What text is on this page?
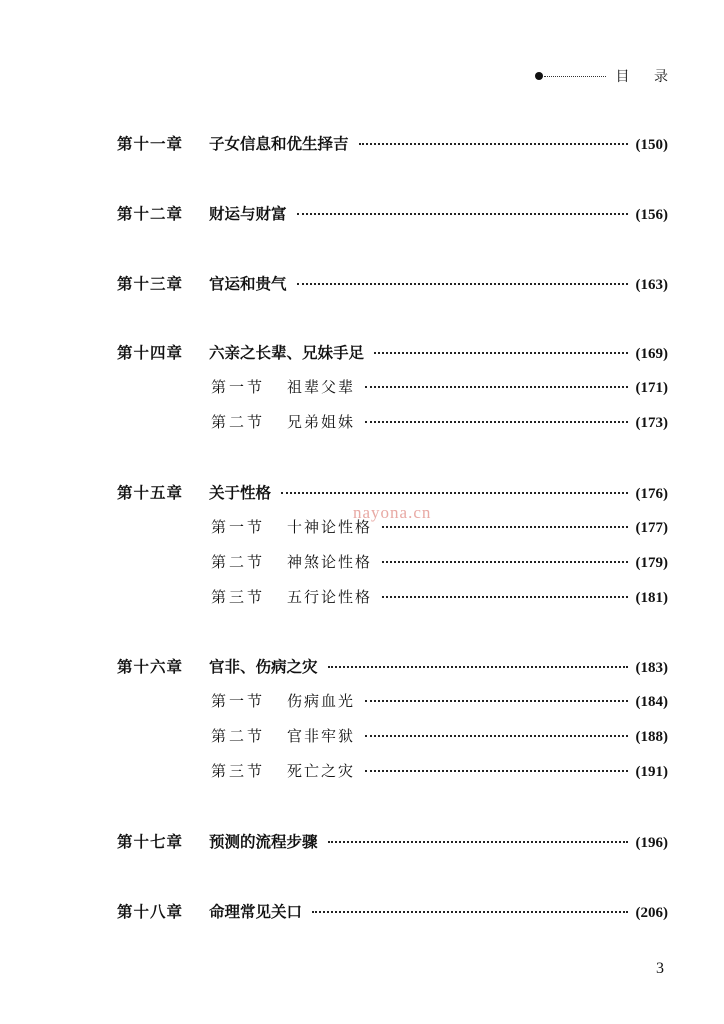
目 录
第十一章	子女信息和优生择吉	(150)
第十二章	财运与财富	(156)
第十三章	官运和贵气	(163)
第十四章	六亲之长辈、兄妹手足	(169)
第一节	祖辈父辈	(171)
第二节	兄弟姐妹	(173)
第十五章	关于性格	(176)
第一节	十神论性格	(177)
第二节	神煞论性格	(179)
第三节	五行论性格	(181)
第十六章	官非、伤病之灾	(183)
第一节	伤病血光	(184)
第二节	官非牢狱	(188)
第三节	死亡之灾	(191)
第十七章	预测的流程步骤	(196)
第十八章	命理常见关口	(206)
nayona.cn
3
